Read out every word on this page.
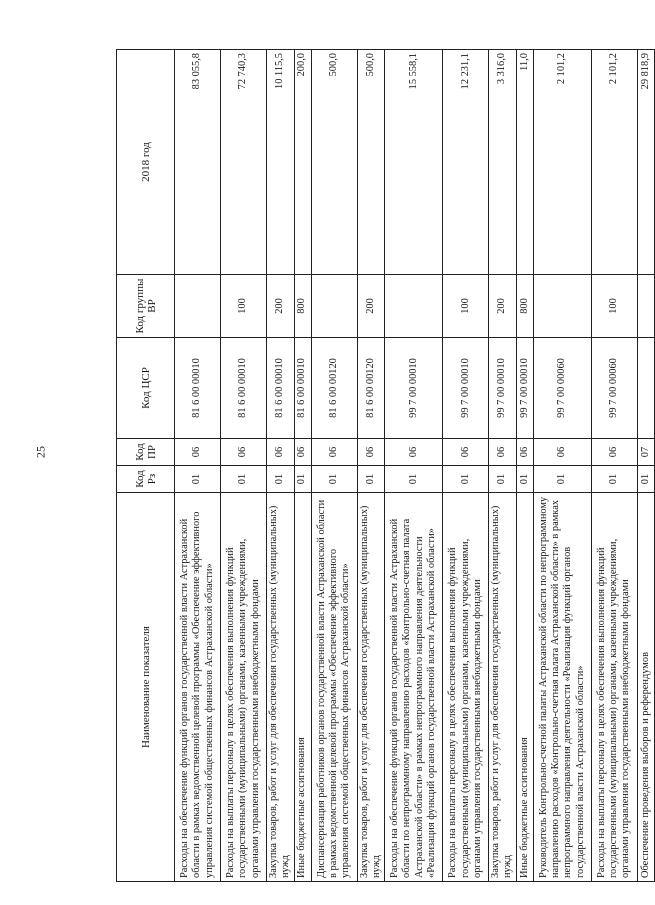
25
Наименование показателя	Код Рз	Код ПР	Код ЦСР	Код группы ВР	2018 год
Расходы на обеспечение функций органов государственной власти Астраханской области в рамках ведомственной целевой программы «Обеспечение эффективного управления системой общественных финансов Астраханской области»	01	06	81 6 00 00010		83 055,8
Расходы на выплаты персоналу в целях обеспечения выполнения функций государственными (муниципальными) органами, казенными учреждениями, органами управления государственными внебюджетными фондами	01	06	81 6 00 00010	100	72 740,3
Закупка товаров, работ и услуг для обеспечения государственных (муниципальных) нужд	01	06	81 6 00 00010	200	10 115,5
Иные бюджетные ассигнования	01	06	81 6 00 00010	800	200,0
Диспансеризация работников органов государственной власти Астраханской области в рамках ведомственной целевой программы «Обеспечение эффективного управления системой общественных финансов Астраханской области»	01	06	81 6 00 00120		500,0
Закупка товаров, работ и услуг для обеспечения государственных (муниципальных) нужд	01	06	81 6 00 00120	200	500,0
Расходы на обеспечение функций органов государственной власти Астраханской области по непрограммному направлению расходов «Контрольно-счетная палата Астраханской области» в рамках непрограммного направления деятельности «Реализация функций органов государственной власти Астраханской области»	01	06	99 7 00 00010		15 558,1
Расходы на выплаты персоналу в целях обеспечения выполнения функций государственными (муниципальными) органами, казенными учреждениями, органами управления государственными внебюджетными фондами	01	06	99 7 00 00010	100	12 231,1
Закупка товаров, работ и услуг для обеспечения государственных (муниципальных) нужд	01	06	99 7 00 00010	200	3 316,0
Иные бюджетные ассигнования	01	06	99 7 00 00010	800	11,0
Руководитель Контрольно-счетной палаты Астраханской области по непрограммному направлению расходов «Контрольно-счетная палата Астраханской области» в рамках непрограммного направления деятельности «Реализация функций органов государственной власти Астраханской области»	01	06	99 7 00 00060		2 101,2
Расходы на выплаты персоналу в целях обеспечения выполнения функций государственными (муниципальными) органами, казенными учреждениями, органами управления государственными внебюджетными фондами	01	06	99 7 00 00060	100	2 101,2
Обеспечение проведения выборов и референдумов	01	07			29 818,9
